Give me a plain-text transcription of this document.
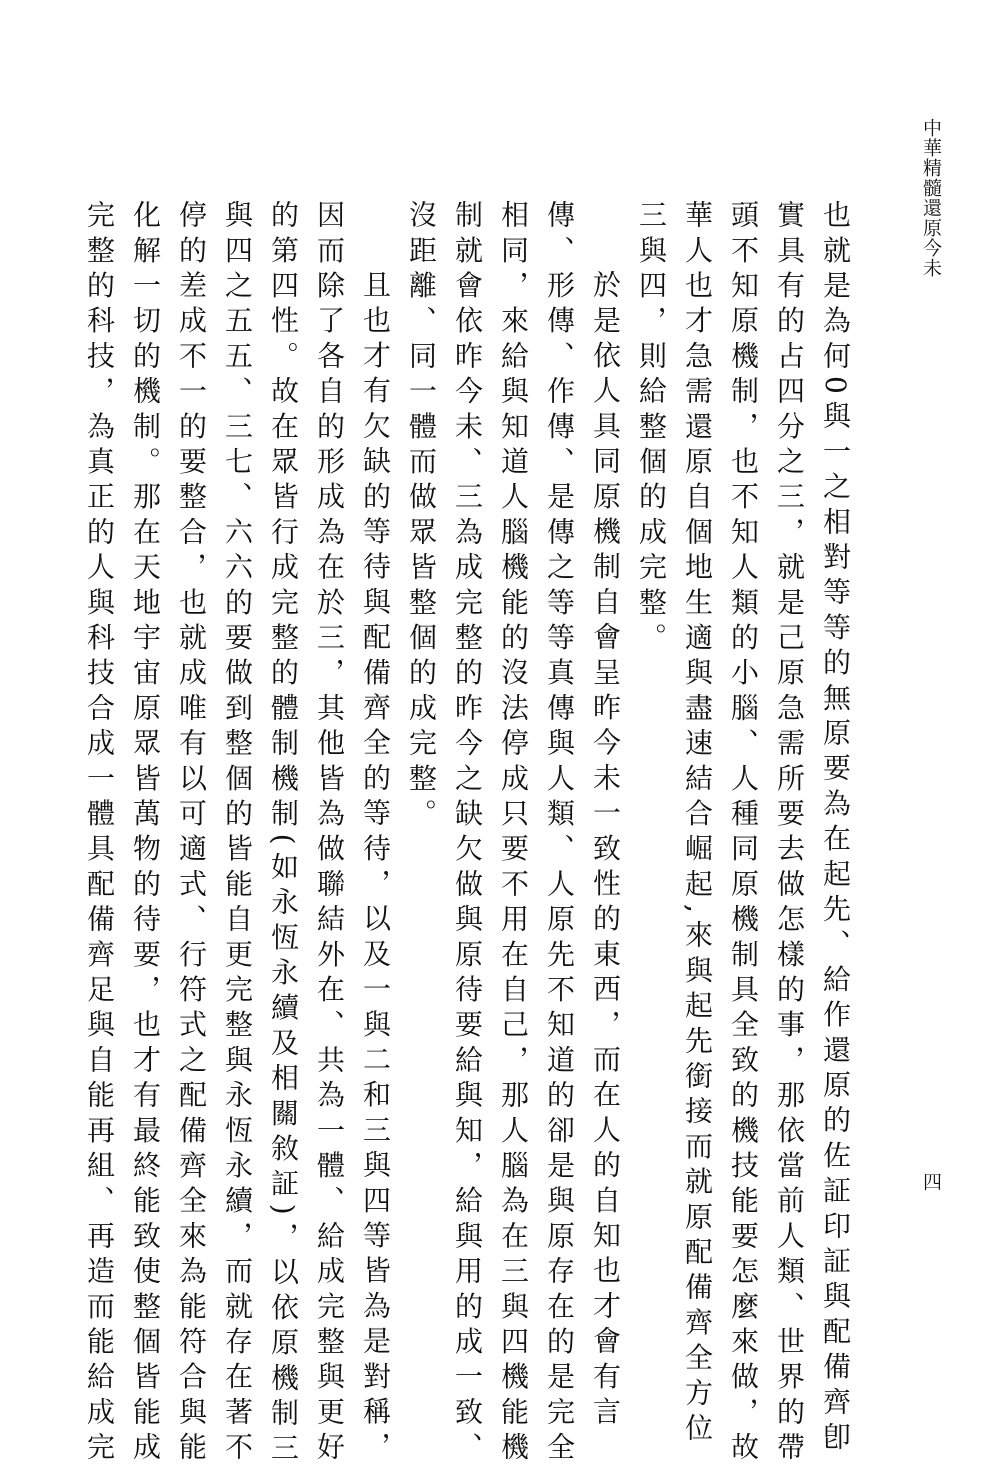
中華精髓還原今未
也就是為何0與一之相對等等的無原要為在起先、給作還原的佐証印証與配備齊卽
實具有的占四分之三，就是己原急需所要去做怎樣的事，那依當前人類、世界的帶
頭不知原機制，也不知人類的小腦、人種同原機制具全致的機技能要怎麼來做，故
華人也才急需還原自個地生適與盡速結合崛起,來與起先銜接而就原配備齊全方位
三與四，則給整個的成完整。
於是依人具同原機制自會呈昨今未一致性的東西，而在人的自知也才會有言
傳、形傳、作傳、是傳之等等真傳與人類、人原先不知道的卻是與原存在的是完全
相同，來給與知道人腦機能的沒法停成只要不用在自己，那人腦為在三與四機能機
制就會依昨今未、三為成完整的昨今之缺欠做與原待要給與知，給與用的成一致、
沒距離、同一體而做眾皆整個的成完整。
且也才有欠缺的等待與配備齊全的等待，以及一與二和三與四等皆為是對稱，
因而除了各自的形成為在於三，其他皆為做聯結外在、共為一體、給成完整與更好
的第四性。故在眾皆行成完整的體制機制(如永恆永續及相關敘証)，以依原機制三
與四之五五、三七、六六的要做到整個的皆能自更完整與永恆永續，而就存在著不
停的差成不一的要整合，也就成唯有以可適式、行符式之配備齊全來為能符合與能
化解一切的機制。那在天地宇宙原眾皆萬物的待要，也才有最終能致使整個皆能成
完整的科技，為真正的人與科技合成一體具配備齊足與自能再組、再造而能給成完	四
